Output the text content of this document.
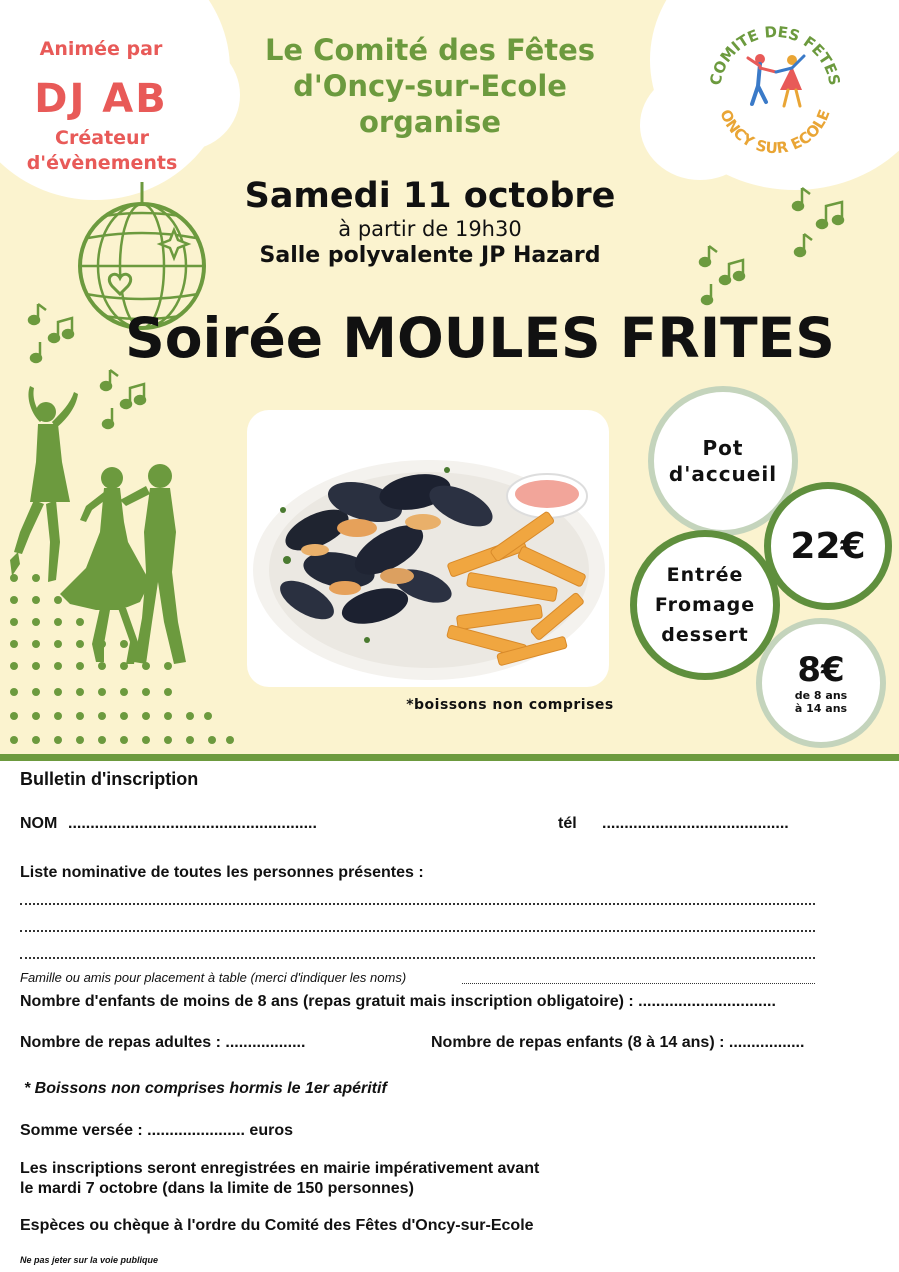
Animée par
DJ AB
Créateur
d'évènements
Le Comité des Fêtes
d'Oncy-sur-Ecole
organise
COMITE DES FETES
ONCY SUR ECOLE
Samedi 11 octobre
à partir de 19h30
Salle polyvalente JP Hazard
Soirée MOULES FRITES
*boissons non comprises
Pot
d'accueil
Entrée
Fromage
dessert
22€
8€
de 8 ans
à 14 ans
Bulletin d'inscription
NOM ........................................................	tél ..........................................
Liste nominative de toutes les personnes présentes :
Famille ou amis pour placement à table (merci d'indiquer les noms)
Nombre d'enfants de moins de 8 ans (repas gratuit mais inscription obligatoire) : ...............................
Nombre de repas adultes : ..................	Nombre de repas enfants (8 à 14 ans) : .................
* Boissons non comprises hormis le 1er apéritif
Somme versée : ...................... euros
Les inscriptions seront enregistrées en mairie impérativement avant
le mardi 7 octobre (dans la limite de 150 personnes)
Espèces ou chèque à l'ordre du Comité des Fêtes d'Oncy-sur-Ecole
Ne pas jeter sur la voie publique
